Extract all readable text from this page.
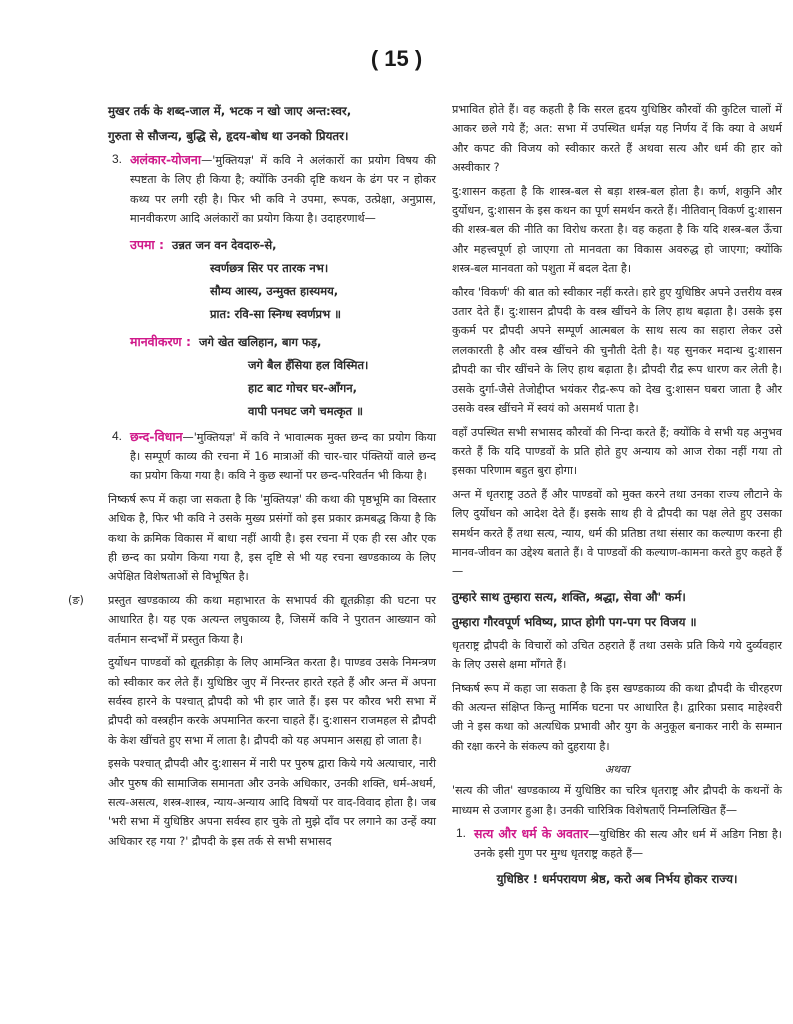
( 15 )
मुखर तर्क के शब्द-जाल में, भटक न खो जाए अन्त:स्वर,
गुरुता से सौजन्य, बुद्धि से, हृदय-बोध था उनको प्रियतर।

3. अलंकार-योजना—'मुक्तियज्ञ' में कवि ने अलंकारों का प्रयोग विषय की स्पष्टता के लिए ही किया है; क्योंकि उनकी दृष्टि कथन के ढंग पर न होकर कथ्य पर लगी रही है। फिर भी कवि ने उपमा, रूपक, उत्प्रेक्षा, अनुप्रास, मानवीकरण आदि अलंकारों का प्रयोग किया है। उदाहरणार्थ—

उपमा : उन्नत जन वन देवदारु-से,
स्वर्णछत्र सिर पर तारक नभ।
सौम्य आस्य, उन्मुक्त हास्यमय,
प्रात: रवि-सा स्निग्ध स्वर्णप्रभ ॥
मानवीकरण : जगे खेत खलिहान, बाग फड़,
जगे बैल हँसिया हल विस्मित।
हाट बाट गोचर घर-आँगन,
वापी पनघट जगे चमत्कृत ॥

4. छन्द-विधान—'मुक्तियज्ञ' में कवि ने भावात्मक मुक्त छन्द का प्रयोग किया है। सम्पूर्ण काव्य की रचना में 16 मात्राओं की चार-चार पंक्तियों वाले छन्द का प्रयोग किया गया है। कवि ने कुछ स्थानों पर छन्द-परिवर्तन भी किया है।

निष्कर्ष रूप में कहा जा सकता है कि 'मुक्तियज्ञ' की कथा की पृष्ठभूमि का विस्तार अधिक है, फिर भी कवि ने उसके मुख्य प्रसंगों को इस प्रकार क्रमबद्ध किया है कि कथा के क्रमिक विकास में बाधा नहीं आयी है। इस रचना में एक ही रस और एक ही छन्द का प्रयोग किया गया है, इस दृष्टि से भी यह रचना खण्डकाव्य के लिए अपेक्षित विशेषताओं से विभूषित है।

(ङ) प्रस्तुत खण्डकाव्य की कथा महाभारत के सभापर्व की द्यूतक्रीड़ा की घटना पर आधारित है। यह एक अत्यन्त लघुकाव्य है, जिसमें कवि ने पुरातन आख्यान को वर्तमान सन्दर्भों में प्रस्तुत किया है।

दुर्योधन पाण्डवों को द्यूतक्रीड़ा के लिए आमन्त्रित करता है। पाण्डव उसके निमन्त्रण को स्वीकार कर लेते हैं। युधिष्ठिर जुए में निरन्तर हारते रहते हैं और अन्त में अपना सर्वस्व हारने के पश्चात् द्रौपदी को भी हार जाते हैं। इस पर कौरव भरी सभा में द्रौपदी को वस्त्रहीन करके अपमानित करना चाहते हैं। दु:शासन राजमहल से द्रौपदी के केश खींचते हुए सभा में लाता है। द्रौपदी को यह अपमान असह्य हो जाता है।

इसके पश्चात् द्रौपदी और दु:शासन में नारी पर पुरुष द्वारा किये गये अत्याचार, नारी और पुरुष की सामाजिक समानता और उनके अधिकार, उनकी शक्ति, धर्म-अधर्म, सत्य-असत्य, शस्त्र-शास्त्र, न्याय-अन्याय आदि विषयों पर वाद-विवाद होता है। जब 'भरी सभा में युधिष्ठिर अपना सर्वस्व हार चुके तो मुझे दाँव पर लगाने का उन्हें क्या अधिकार रह गया ?' द्रौपदी के इस तर्क से सभी सभासद

प्रभावित होते हैं। वह कहती है कि सरल हृदय युधिष्ठिर कौरवों की कुटिल चालों में आकर छले गये हैं; अत: सभा में उपस्थित धर्मज्ञ यह निर्णय दें कि क्या वे अधर्म और कपट की विजय को स्वीकार करते हैं अथवा सत्य और धर्म की हार को अस्वीकार ?

दु:शासन कहता है कि शास्त्र-बल से बड़ा शस्त्र-बल होता है। कर्ण, शकुनि और दुर्योधन, दु:शासन के इस कथन का पूर्ण समर्थन करते हैं। नीतिवान् विकर्ण दु:शासन की शस्त्र-बल की नीति का विरोध करता है। वह कहता है कि यदि शस्त्र-बल ऊँचा और महत्त्वपूर्ण हो जाएगा तो मानवता का विकास अवरुद्ध हो जाएगा; क्योंकि शस्त्र-बल मानवता को पशुता में बदल देता है।

कौरव 'विकर्ण' की बात को स्वीकार नहीं करते। हारे हुए युधिष्ठिर अपने उत्तरीय वस्त्र उतार देते हैं। दु:शासन द्रौपदी के वस्त्र खींचने के लिए हाथ बढ़ाता है। उसके इस कुकर्म पर द्रौपदी अपने सम्पूर्ण आत्मबल के साथ सत्य का सहारा लेकर उसे ललकारती है और वस्त्र खींचने की चुनौती देती है। यह सुनकर मदान्ध दु:शासन द्रौपदी का चीर खींचने के लिए हाथ बढ़ाता है। द्रौपदी रौद्र रूप धारण कर लेती है। उसके दुर्गा-जैसे तेजोद्दीप्त भयंकर रौद्र-रूप को देख दु:शासन घबरा जाता है और उसके वस्त्र खींचने में स्वयं को असमर्थ पाता है।

वहाँ उपस्थित सभी सभासद कौरवों की निन्दा करते हैं; क्योंकि वे सभी यह अनुभव करते हैं कि यदि पाण्डवों के प्रति होते हुए अन्याय को आज रोका नहीं गया तो इसका परिणाम बहुत बुरा होगा।

अन्त में धृतराष्ट्र उठते हैं और पाण्डवों को मुक्त करने तथा उनका राज्य लौटाने के लिए दुर्योधन को आदेश देते हैं। इसके साथ ही वे द्रौपदी का पक्ष लेते हुए उसका समर्थन करते हैं तथा सत्य, न्याय, धर्म की प्रतिष्ठा तथा संसार का कल्याण करना ही मानव-जीवन का उद्देश्य बताते हैं। वे पाण्डवों की कल्याण-कामना करते हुए कहते हैं—

तुम्हारे साथ तुम्हारा सत्य, शक्ति, श्रद्धा, सेवा औ' कर्म।
तुम्हारा गौरवपूर्ण भविष्य, प्राप्त होगी पग-पग पर विजय ॥

धृतराष्ट्र द्रौपदी के विचारों को उचित ठहराते हैं तथा उसके प्रति किये गये दुर्व्यवहार के लिए उससे क्षमा माँगते हैं।

निष्कर्ष रूप में कहा जा सकता है कि इस खण्डकाव्य की कथा द्रौपदी के चीरहरण की अत्यन्त संक्षिप्त किन्तु मार्मिक घटना पर आधारित है। द्वारिका प्रसाद माहेश्वरी जी ने इस कथा को अत्यधिक प्रभावी और युग के अनुकूल बनाकर नारी के सम्मान की रक्षा करने के संकल्प को दुहराया है।

अथवा

'सत्य की जीत' खण्डकाव्य में युधिष्ठिर का चरित्र धृतराष्ट्र और द्रौपदी के कथनों के माध्यम से उजागर हुआ है। उनकी चारित्रिक विशेषताएँ निम्नलिखित हैं—

1. सत्य और धर्म के अवतार—युधिष्ठिर की सत्य और धर्म में अडिग निष्ठा है। उनके इसी गुण पर मुग्ध धृतराष्ट्र कहते हैं—

युधिष्ठिर ! धर्मपरायण श्रेष्ठ, करो अब निर्भय होकर राज्य।
